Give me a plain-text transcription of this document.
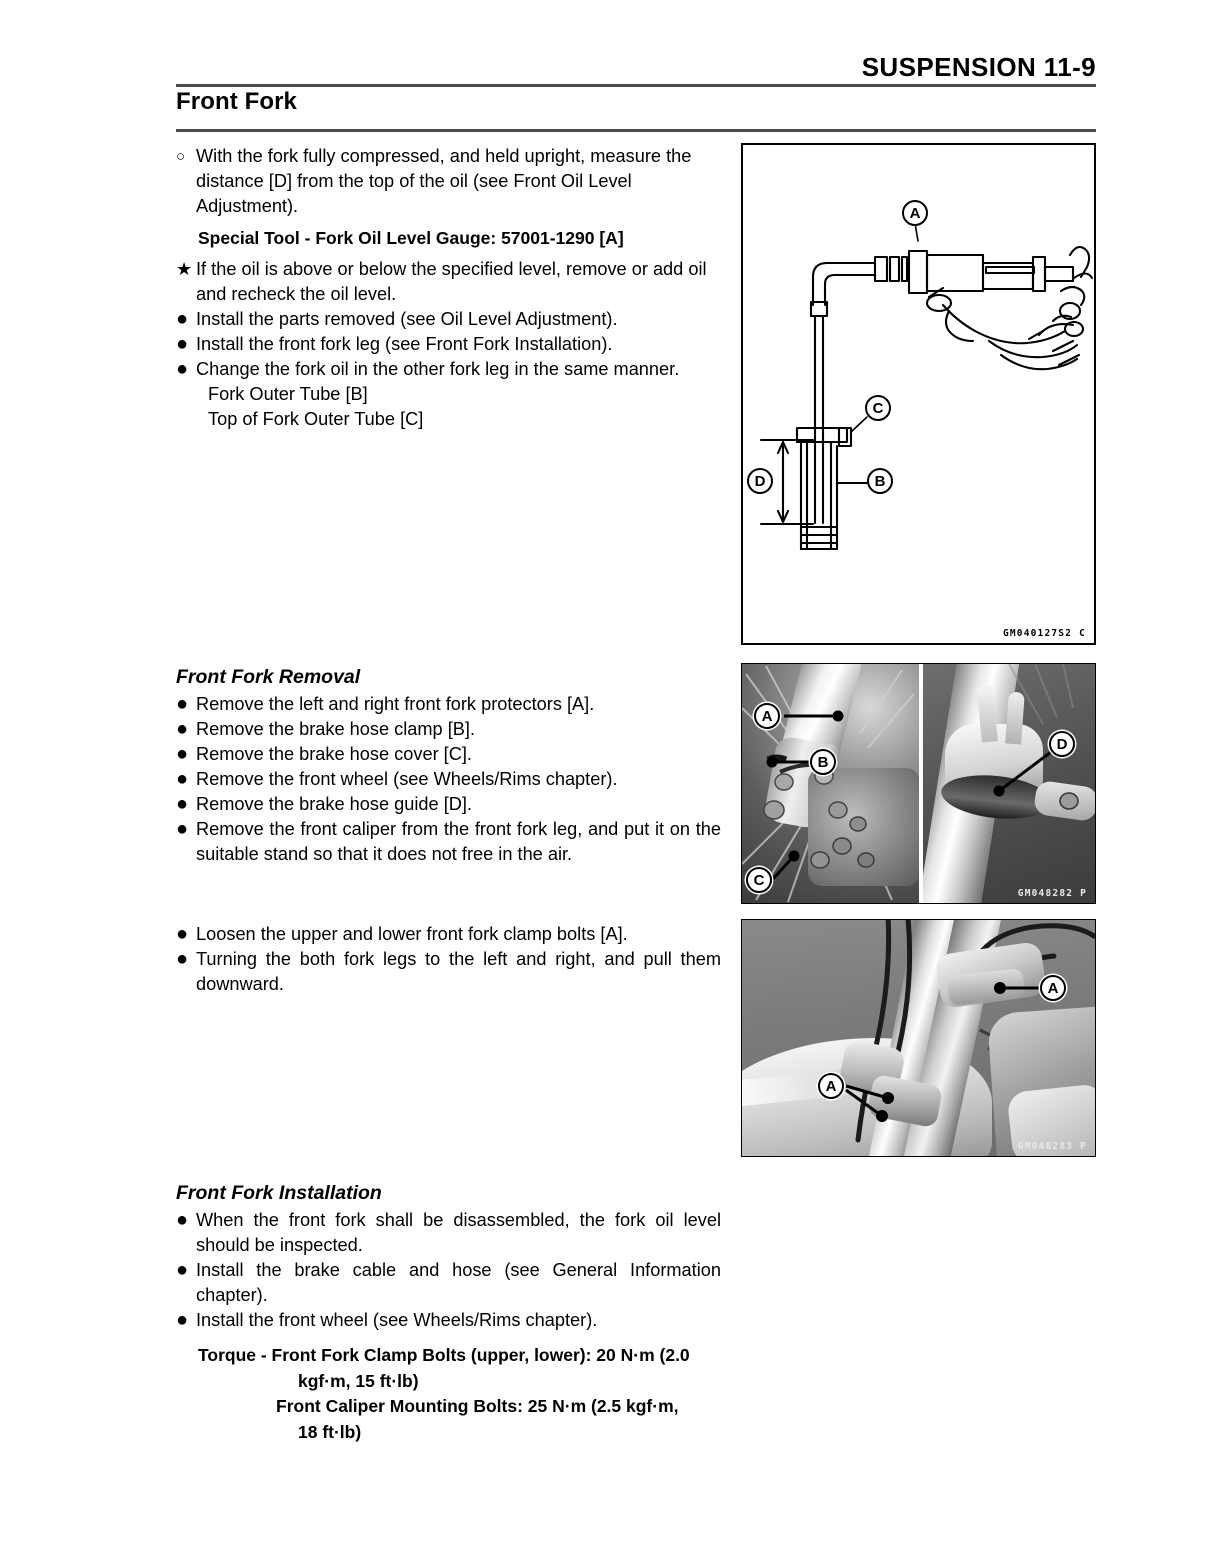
SUSPENSION 11-9
Front Fork
○ With the fork fully compressed, and held upright, measure the distance [D] from the top of the oil (see Front Oil Level Adjustment).
Special Tool - Fork Oil Level Gauge: 57001-1290 [A]
★ If the oil is above or below the specified level, remove or add oil and recheck the oil level.
● Install the parts removed (see Oil Level Adjustment).
● Install the front fork leg (see Front Fork Installation).
● Change the fork oil in the other fork leg in the same manner.
Fork Outer Tube [B]
Top of Fork Outer Tube [C]
Front Fork Removal
● Remove the left and right front fork protectors [A].
● Remove the brake hose clamp [B].
● Remove the brake hose cover [C].
● Remove the front wheel (see Wheels/Rims chapter).
● Remove the brake hose guide [D].
● Remove the front caliper from the front fork leg, and put it on the suitable stand so that it does not free in the air.
● Loosen the upper and lower front fork clamp bolts [A].
● Turning the both fork legs to the left and right, and pull them downward.
Front Fork Installation
● When the front fork shall be disassembled, the fork oil level should be inspected.
● Install the brake cable and hose (see General Information chapter).
● Install the front wheel (see Wheels/Rims chapter).
Torque - Front Fork Clamp Bolts (upper, lower): 20 N·m (2.0
kgf·m, 15 ft·lb)
Front Caliper Mounting Bolts: 25 N·m (2.5 kgf·m,
18 ft·lb)
A
C
D	B
GM040127S2 C
A
B
C
D
GM048282 P
A
A
GM048283 P
